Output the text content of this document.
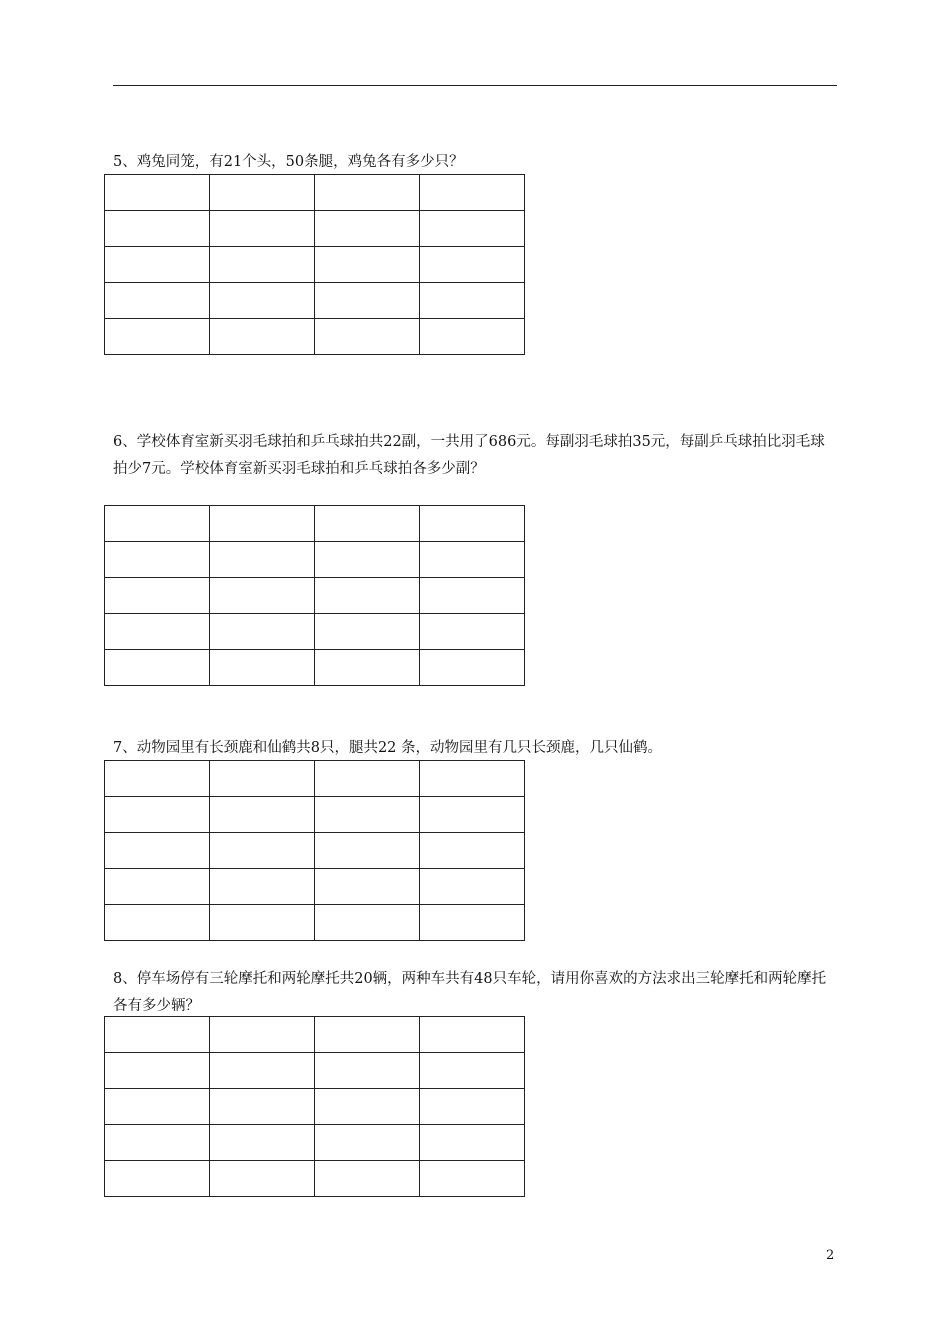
5、鸡兔同笼，有21个头，50条腿，鸡兔各有多少只？

6、学校体育室新买羽毛球拍和乒乓球拍共22副，一共用了686元。每副羽毛球拍35元，每副乒乓球拍比羽毛球拍少7元。学校体育室新买羽毛球拍和乒乓球拍各多少副？

7、动物园里有长颈鹿和仙鹤共8只，腿共22 条，动物园里有几只长颈鹿，几只仙鹤。

8、停车场停有三轮摩托和两轮摩托共20辆，两种车共有48只车轮，请用你喜欢的方法求出三轮摩托和两轮摩托各有多少辆？

2
